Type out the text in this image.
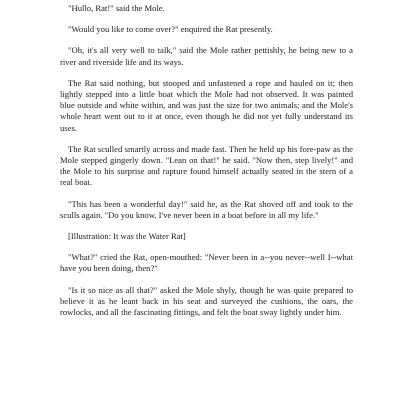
"Hullo, Rat!" said the Mole.

"Would you like to come over?" enquired the Rat presently.

"Oh, it's all very well to talk," said the Mole rather pettishly, he being new to a river and riverside life and its ways.

The Rat said nothing, but stooped and unfastened a rope and hauled on it; then lightly stepped into a little boat which the Mole had not observed. It was painted blue outside and white within, and was just the size for two animals; and the Mole's whole heart went out to it at once, even though he did not yet fully understand its uses.

The Rat sculled smartly across and made fast. Then he held up his fore-paw as the Mole stepped gingerly down. "Lean on that!" he said. "Now then, step lively!" and the Mole to his surprise and rapture found himself actually seated in the stern of a real boat.

"This has been a wonderful day!" said he, as the Rat shoved off and took to the sculls again. "Do you know, I've never been in a boat before in all my life."

[Illustration: It was the Water Rat]

"What?" cried the Rat, open-mouthed: "Never been in a--you never--well I--what have you been doing, then?"

"Is it so nice as all that?" asked the Mole shyly, though he was quite prepared to believe it as he leant back in his seat and surveyed the cushions, the oars, the rowlocks, and all the fascinating fittings, and felt the boat sway lightly under him.
